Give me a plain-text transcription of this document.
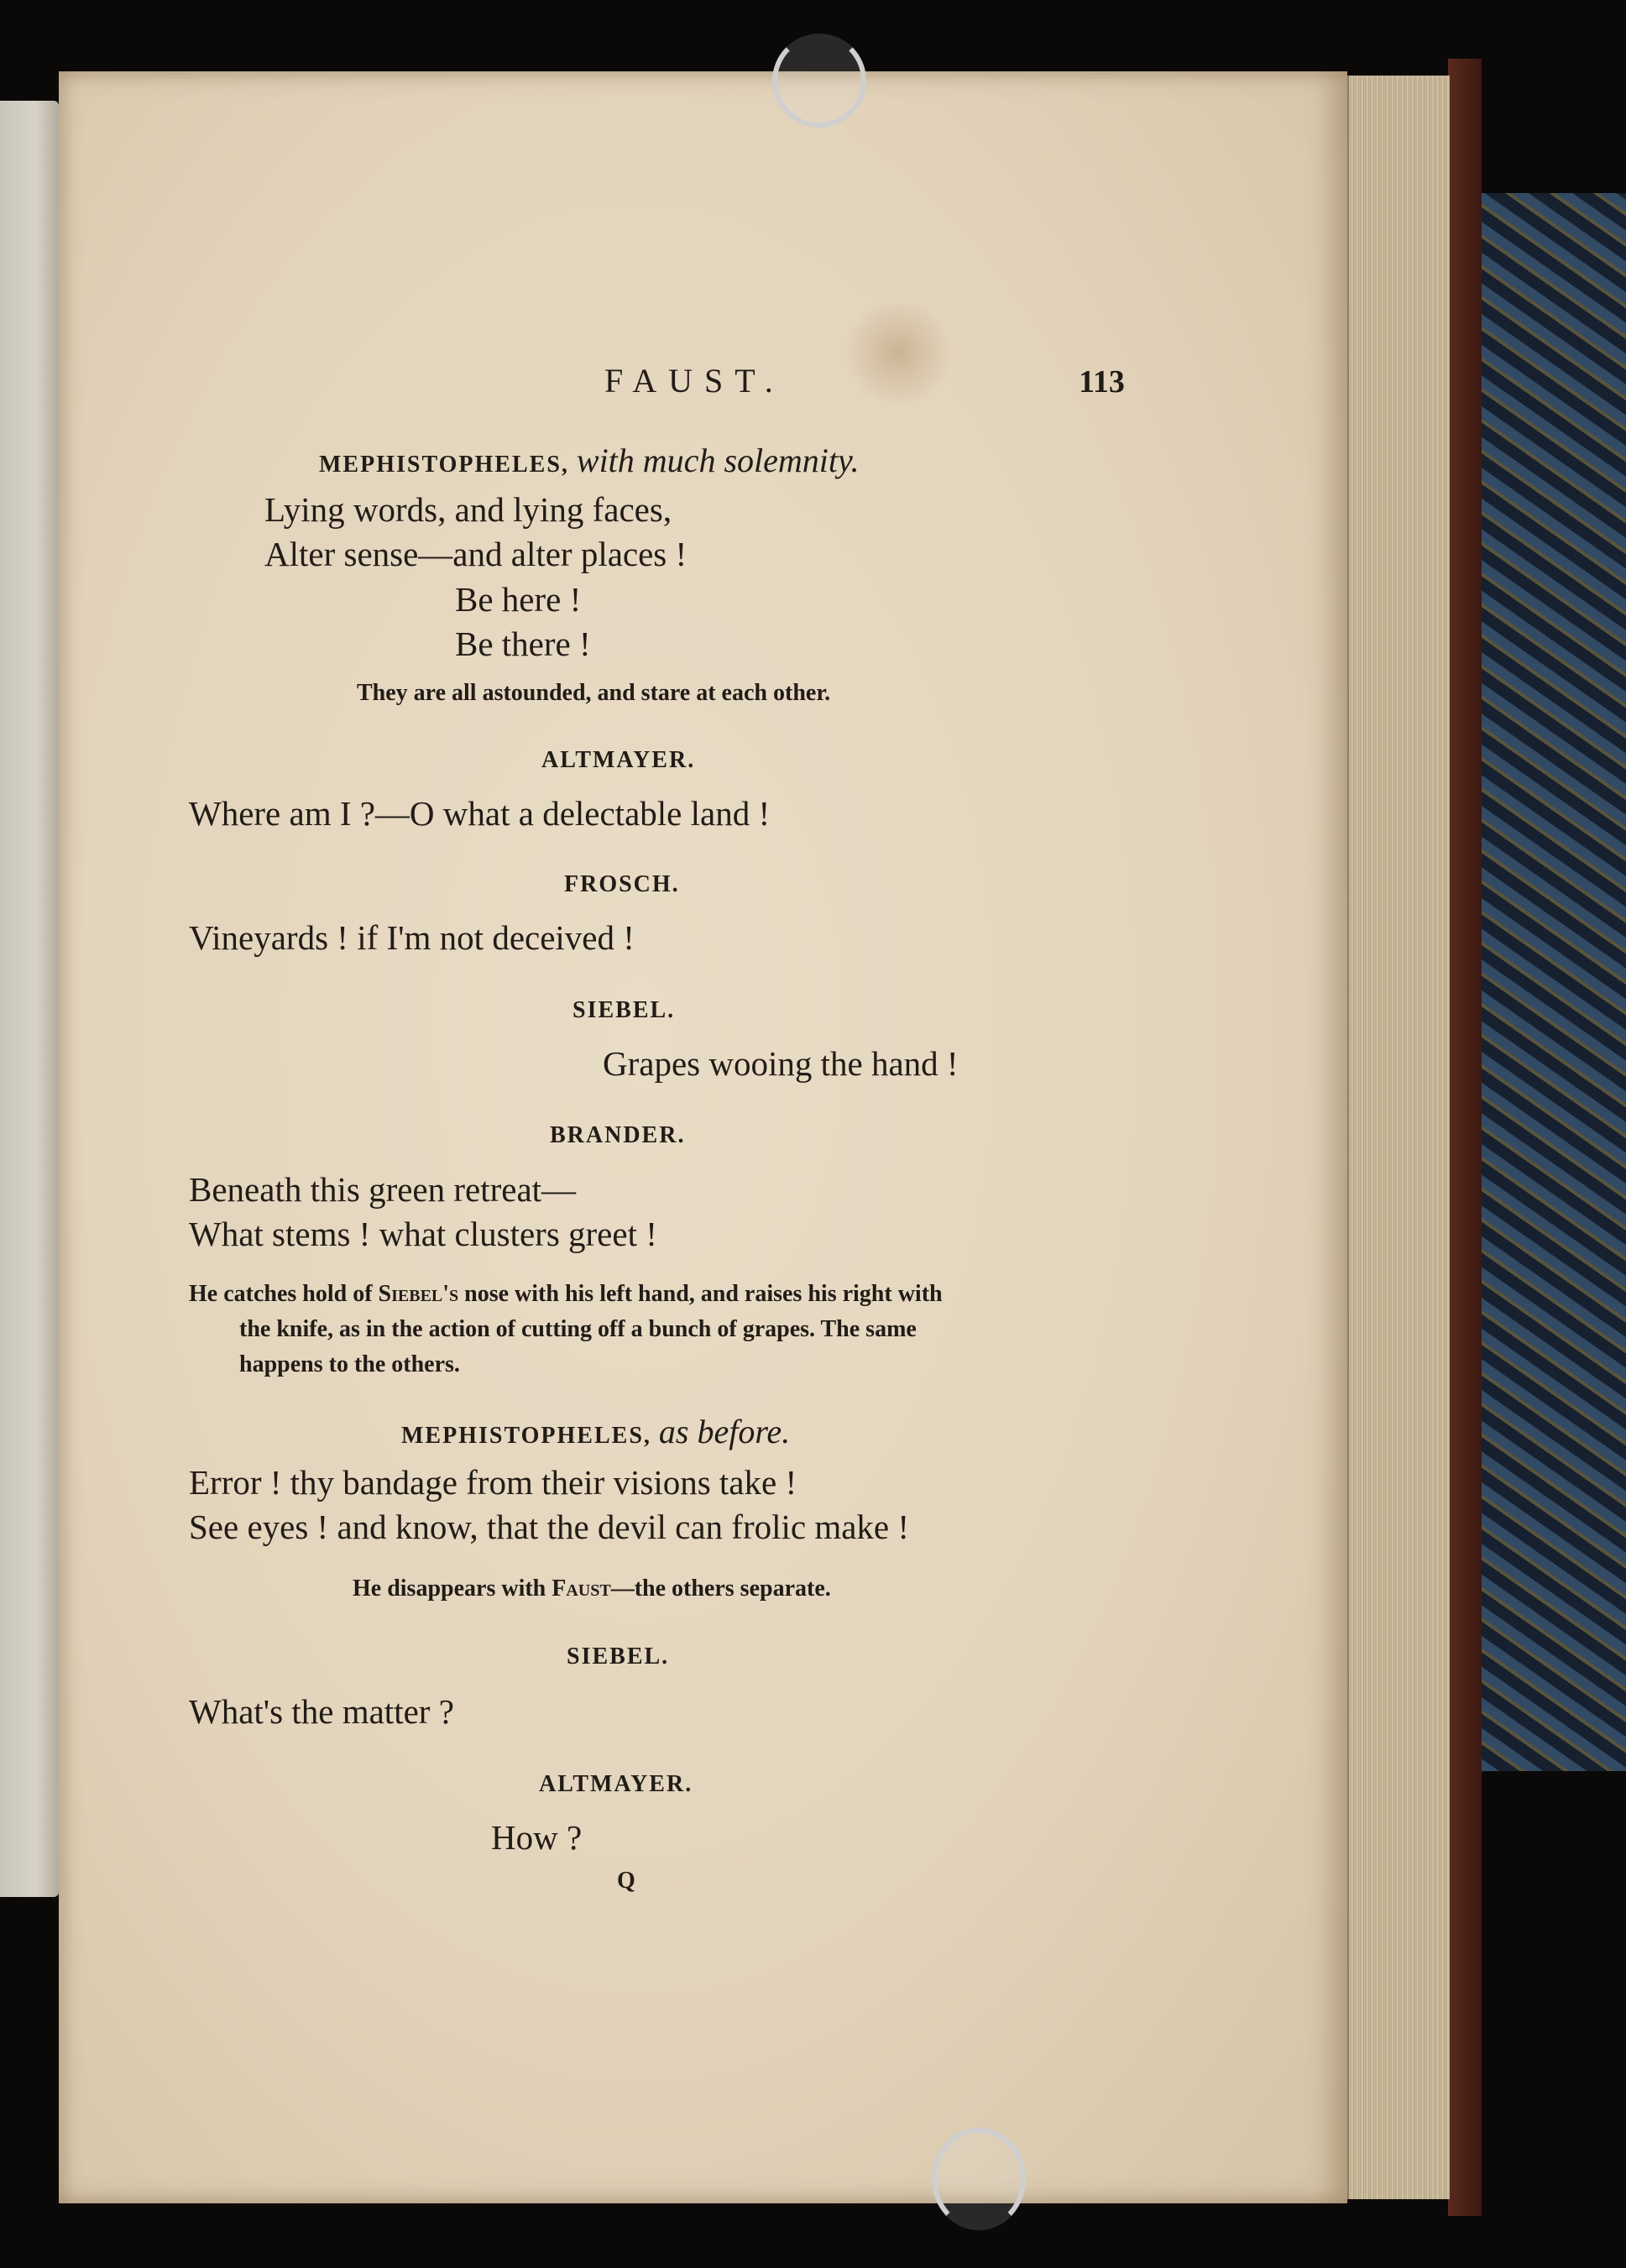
FAUST.	113
MEPHISTOPHELES, with much solemnity.
Lying words, and lying faces,
Alter sense—and alter places !
Be here !
Be there !
They are all astounded, and stare at each other.
ALTMAYER.
Where am I ?—O what a delectable land !
FROSCH.
Vineyards ! if I'm not deceived !
SIEBEL.
Grapes wooing the hand !
BRANDER.
Beneath this green retreat—
What stems ! what clusters greet !
He catches hold of Siebel's nose with his left hand, and raises his right with
the knife, as in the action of cutting off a bunch of grapes. The same
happens to the others.
MEPHISTOPHELES, as before.
Error ! thy bandage from their visions take !
See eyes ! and know, that the devil can frolic make !
He disappears with Faust—the others separate.
SIEBEL.
What's the matter ?
ALTMAYER.
How ?
Q
